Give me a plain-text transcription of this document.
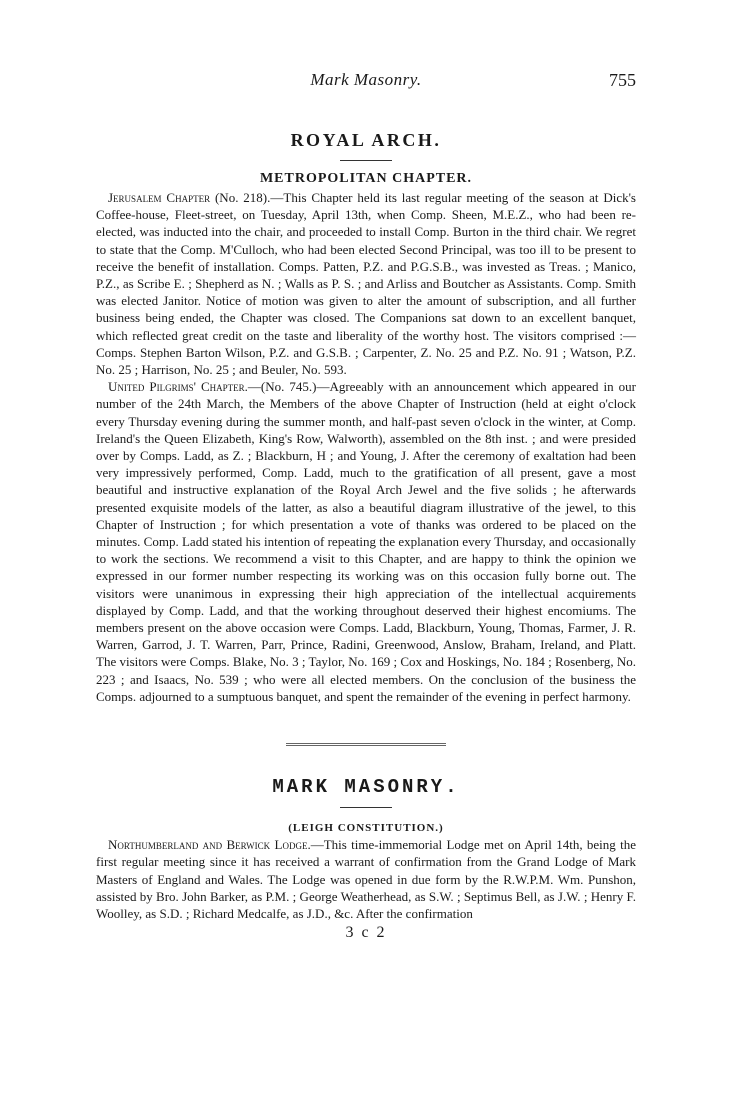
Mark Masonry.	755
ROYAL ARCH.
METROPOLITAN CHAPTER.

Jerusalem Chapter (No. 218).—This Chapter held its last regular meeting of the season at Dick's Coffee-house, Fleet-street, on Tuesday, April 13th, when Comp. Sheen, M.E.Z., who had been re-elected, was inducted into the chair, and proceeded to install Comp. Burton in the third chair. We regret to state that the Comp. M'Culloch, who had been elected Second Principal, was too ill to be present to receive the benefit of installation. Comps. Patten, P.Z. and P.G.S.B., was invested as Treas. ; Manico, P.Z., as Scribe E. ; Shepherd as N. ; Walls as P. S. ; and Arliss and Boutcher as Assistants. Comp. Smith was elected Janitor. Notice of motion was given to alter the amount of subscription, and all further business being ended, the Chapter was closed. The Companions sat down to an excellent banquet, which reflected great credit on the taste and liberality of the worthy host. The visitors comprised :—Comps. Stephen Barton Wilson, P.Z. and G.S.B. ; Carpenter, Z. No. 25 and P.Z. No. 91 ; Watson, P.Z. No. 25 ; Harrison, No. 25 ; and Beuler, No. 593.

United Pilgrims' Chapter.—(No. 745.)—Agreeably with an announcement which appeared in our number of the 24th March, the Members of the above Chapter of Instruction (held at eight o'clock every Thursday evening during the summer month, and half-past seven o'clock in the winter, at Comp. Ireland's the Queen Elizabeth, King's Row, Walworth), assembled on the 8th inst. ; and were presided over by Comps. Ladd, as Z. ; Blackburn, H ; and Young, J. After the ceremony of exaltation had been very impressively performed, Comp. Ladd, much to the gratification of all present, gave a most beautiful and instructive explanation of the Royal Arch Jewel and the five solids ; he afterwards presented exquisite models of the latter, as also a beautiful diagram illustrative of the jewel, to this Chapter of Instruction ; for which presentation a vote of thanks was ordered to be placed on the minutes. Comp. Ladd stated his intention of repeating the explanation every Thursday, and occasionally to work the sections. We recommend a visit to this Chapter, and are happy to think the opinion we expressed in our former number respecting its working was on this occasion fully borne out. The visitors were unanimous in expressing their high appreciation of the intellectual acquirements displayed by Comp. Ladd, and that the working throughout deserved their highest encomiums. The members present on the above occasion were Comps. Ladd, Blackburn, Young, Thomas, Farmer, J. R. Warren, Garrod, J. T. Warren, Parr, Prince, Radini, Greenwood, Anslow, Braham, Ireland, and Platt. The visitors were Comps. Blake, No. 3 ; Taylor, No. 169 ; Cox and Hoskings, No. 184 ; Rosenberg, No. 223 ; and Isaacs, No. 539 ; who were all elected members. On the conclusion of the business the Comps. adjourned to a sumptuous banquet, and spent the remainder of the evening in perfect harmony.

MARK MASONRY.
(LEIGH CONSTITUTION.)

Northumberland and Berwick Lodge.—This time-immemorial Lodge met on April 14th, being the first regular meeting since it has received a warrant of confirmation from the Grand Lodge of Mark Masters of England and Wales. The Lodge was opened in due form by the R.W.P.M. Wm. Punshon, assisted by Bro. John Barker, as P.M. ; George Weatherhead, as S.W. ; Septimus Bell, as J.W. ; Henry F. Woolley, as S.D. ; Richard Medcalfe, as J.D., &c. After the confirmation

3 c 2
